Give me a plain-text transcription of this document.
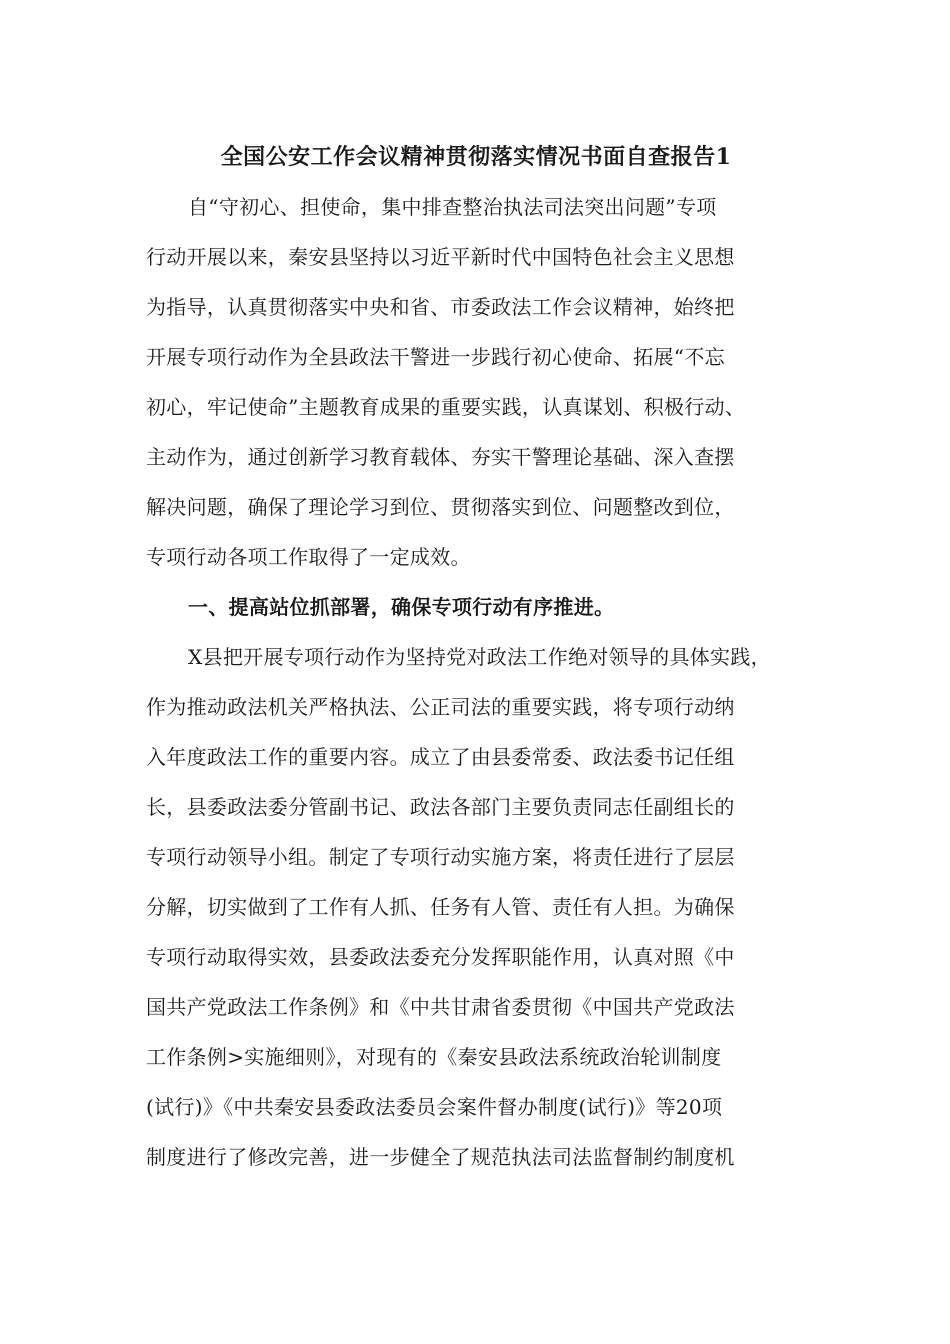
全国公安工作会议精神贯彻落实情况书面自查报告1
自“守初心、担使命，集中排查整治执法司法突出问题”专项
行动开展以来，秦安县坚持以习近平新时代中国特色社会主义思想
为指导，认真贯彻落实中央和省、市委政法工作会议精神，始终把
开展专项行动作为全县政法干警进一步践行初心使命、拓展“不忘
初心，牢记使命”主题教育成果的重要实践，认真谋划、积极行动、
主动作为，通过创新学习教育载体、夯实干警理论基础、深入查摆
解决问题，确保了理论学习到位、贯彻落实到位、问题整改到位，
专项行动各项工作取得了一定成效。
一、提高站位抓部署，确保专项行动有序推进。
X县把开展专项行动作为坚持党对政法工作绝对领导的具体实践，
作为推动政法机关严格执法、公正司法的重要实践，将专项行动纳
入年度政法工作的重要内容。成立了由县委常委、政法委书记任组
长，县委政法委分管副书记、政法各部门主要负责同志任副组长的
专项行动领导小组。制定了专项行动实施方案，将责任进行了层层
分解，切实做到了工作有人抓、任务有人管、责任有人担。为确保
专项行动取得实效，县委政法委充分发挥职能作用，认真对照《中
国共产党政法工作条例》和《中共甘肃省委贯彻《中国共产党政法
工作条例>实施细则》，对现有的《秦安县政法系统政治轮训制度
(试行)》《中共秦安县委政法委员会案件督办制度(试行)》等20项
制度进行了修改完善，进一步健全了规范执法司法监督制约制度机
